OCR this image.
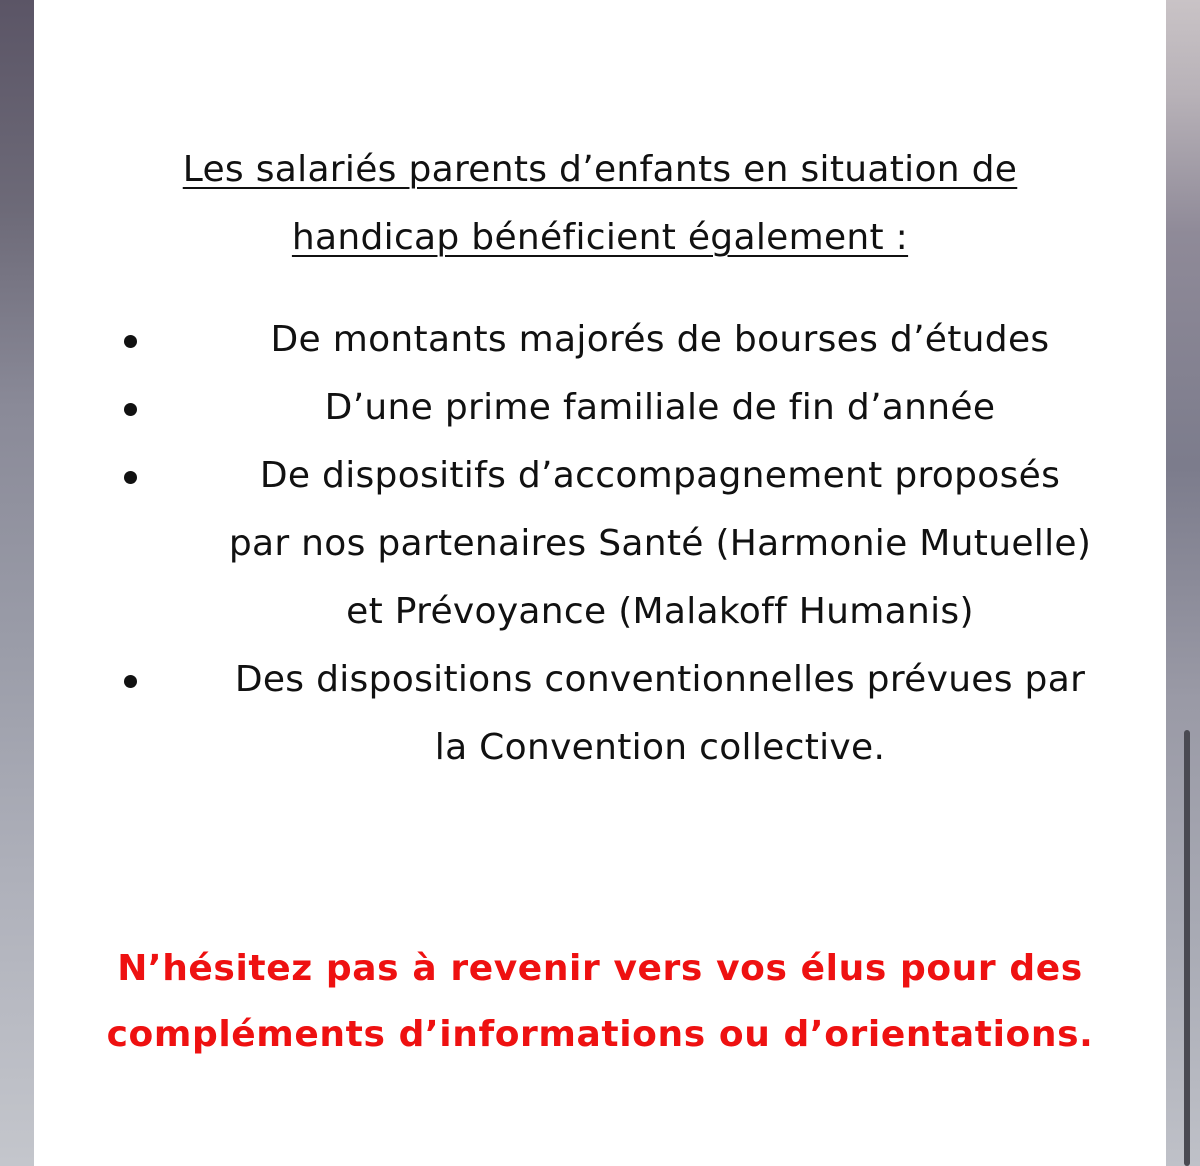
Les salariés parents d’enfants en situation de
handicap bénéficient également :
De montants majorés de bourses d’études
D’une prime familiale de fin d’année
De dispositifs d’accompagnement proposés
par nos partenaires Santé (Harmonie Mutuelle)
et Prévoyance (Malakoff Humanis)
Des dispositions conventionnelles prévues par
la Convention collective.
N’hésitez pas à revenir vers vos élus pour des
compléments d’informations ou d’orientations.
